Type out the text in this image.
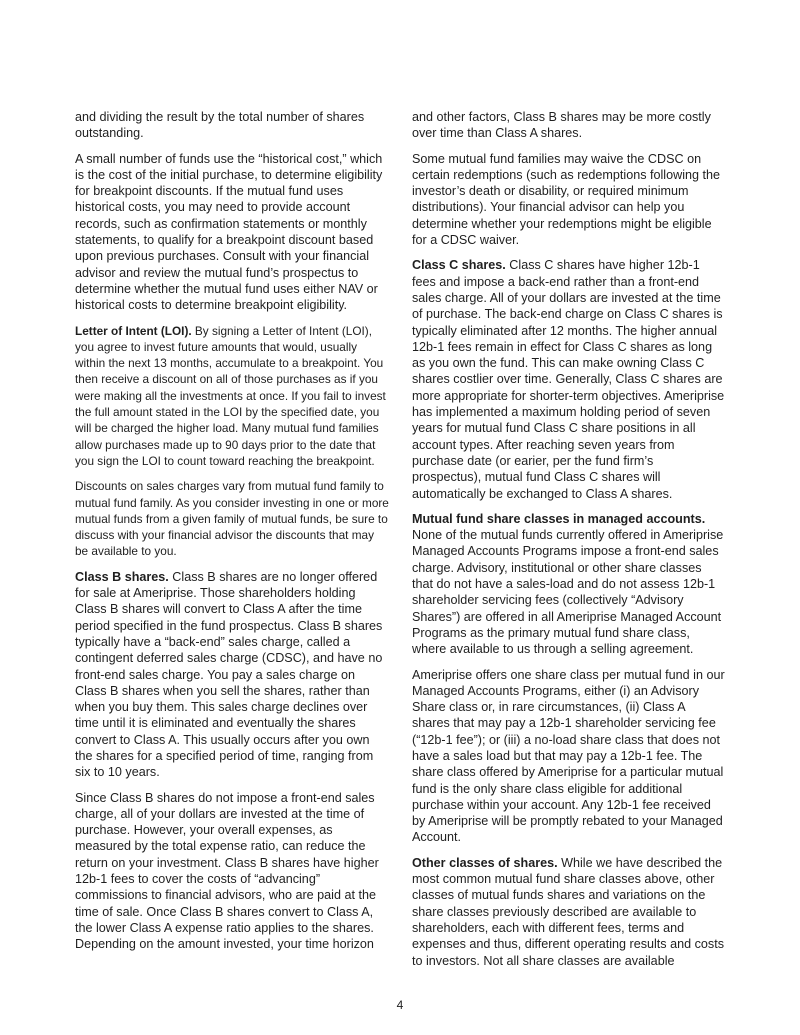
and dividing the result by the total number of shares outstanding.

A small number of funds use the “historical cost,” which is the cost of the initial purchase, to determine eligibility for breakpoint discounts. If the mutual fund uses historical costs, you may need to provide account records, such as confirmation statements or monthly statements, to qualify for a breakpoint discount based upon previous purchases. Consult with your financial advisor and review the mutual fund’s prospectus to determine whether the mutual fund uses either NAV or historical costs to determine breakpoint eligibility.

Letter of Intent (LOI). By signing a Letter of Intent (LOI), you agree to invest future amounts that would, usually within the next 13 months, accumulate to a breakpoint. You then receive a discount on all of those purchases as if you were making all the investments at once. If you fail to invest the full amount stated in the LOI by the specified date, you will be charged the higher load. Many mutual fund families allow purchases made up to 90 days prior to the date that you sign the LOI to count toward reaching the breakpoint.

Discounts on sales charges vary from mutual fund family to mutual fund family. As you consider investing in one or more mutual funds from a given family of mutual funds, be sure to discuss with your financial advisor the discounts that may be available to you.

Class B shares. Class B shares are no longer offered for sale at Ameriprise. Those shareholders holding Class B shares will convert to Class A after the time period specified in the fund prospectus. Class B shares typically have a “back-end” sales charge, called a contingent deferred sales charge (CDSC), and have no front-end sales charge. You pay a sales charge on Class B shares when you sell the shares, rather than when you buy them. This sales charge declines over time until it is eliminated and eventually the shares convert to Class A. This usually occurs after you own the shares for a specified period of time, ranging from six to 10 years.

Since Class B shares do not impose a front-end sales charge, all of your dollars are invested at the time of purchase. However, your overall expenses, as measured by the total expense ratio, can reduce the return on your investment. Class B shares have higher 12b-1 fees to cover the costs of “advancing” commissions to financial advisors, who are paid at the time of sale. Once Class B shares convert to Class A, the lower Class A expense ratio applies to the shares. Depending on the amount invested, your time horizon

and other factors, Class B shares may be more costly over time than Class A shares.

Some mutual fund families may waive the CDSC on certain redemptions (such as redemptions following the investor’s death or disability, or required minimum distributions). Your financial advisor can help you determine whether your redemptions might be eligible for a CDSC waiver.

Class C shares. Class C shares have higher 12b-1 fees and impose a back-end rather than a front-end sales charge. All of your dollars are invested at the time of purchase. The back-end charge on Class C shares is typically eliminated after 12 months. The higher annual 12b-1 fees remain in effect for Class C shares as long as you own the fund. This can make owning Class C shares costlier over time. Generally, Class C shares are more appropriate for shorter-term objectives. Ameriprise has implemented a maximum holding period of seven years for mutual fund Class C share positions in all account types. After reaching seven years from purchase date (or earier, per the fund firm’s prospectus), mutual fund Class C shares will automatically be exchanged to Class A shares.

Mutual fund share classes in managed accounts. None of the mutual funds currently offered in Ameriprise Managed Accounts Programs impose a front-end sales charge. Advisory, institutional or other share classes that do not have a sales-load and do not assess 12b-1 shareholder servicing fees (collectively “Advisory Shares”) are offered in all Ameriprise Managed Account Programs as the primary mutual fund share class, where available to us through a selling agreement.

Ameriprise offers one share class per mutual fund in our Managed Accounts Programs, either (i) an Advisory Share class or, in rare circumstances, (ii) Class A shares that may pay a 12b-1 shareholder servicing fee (“12b-1 fee”); or (iii) a no-load share class that does not have a sales load but that may pay a 12b-1 fee. The share class offered by Ameriprise for a particular mutual fund is the only share class eligible for additional purchase within your account. Any 12b-1 fee received by Ameriprise will be promptly rebated to your Managed Account.

Other classes of shares. While we have described the most common mutual fund share classes above, other classes of mutual funds shares and variations on the share classes previously described are available to shareholders, each with different fees, terms and expenses and thus, different operating results and costs to investors. Not all share classes are available

4
